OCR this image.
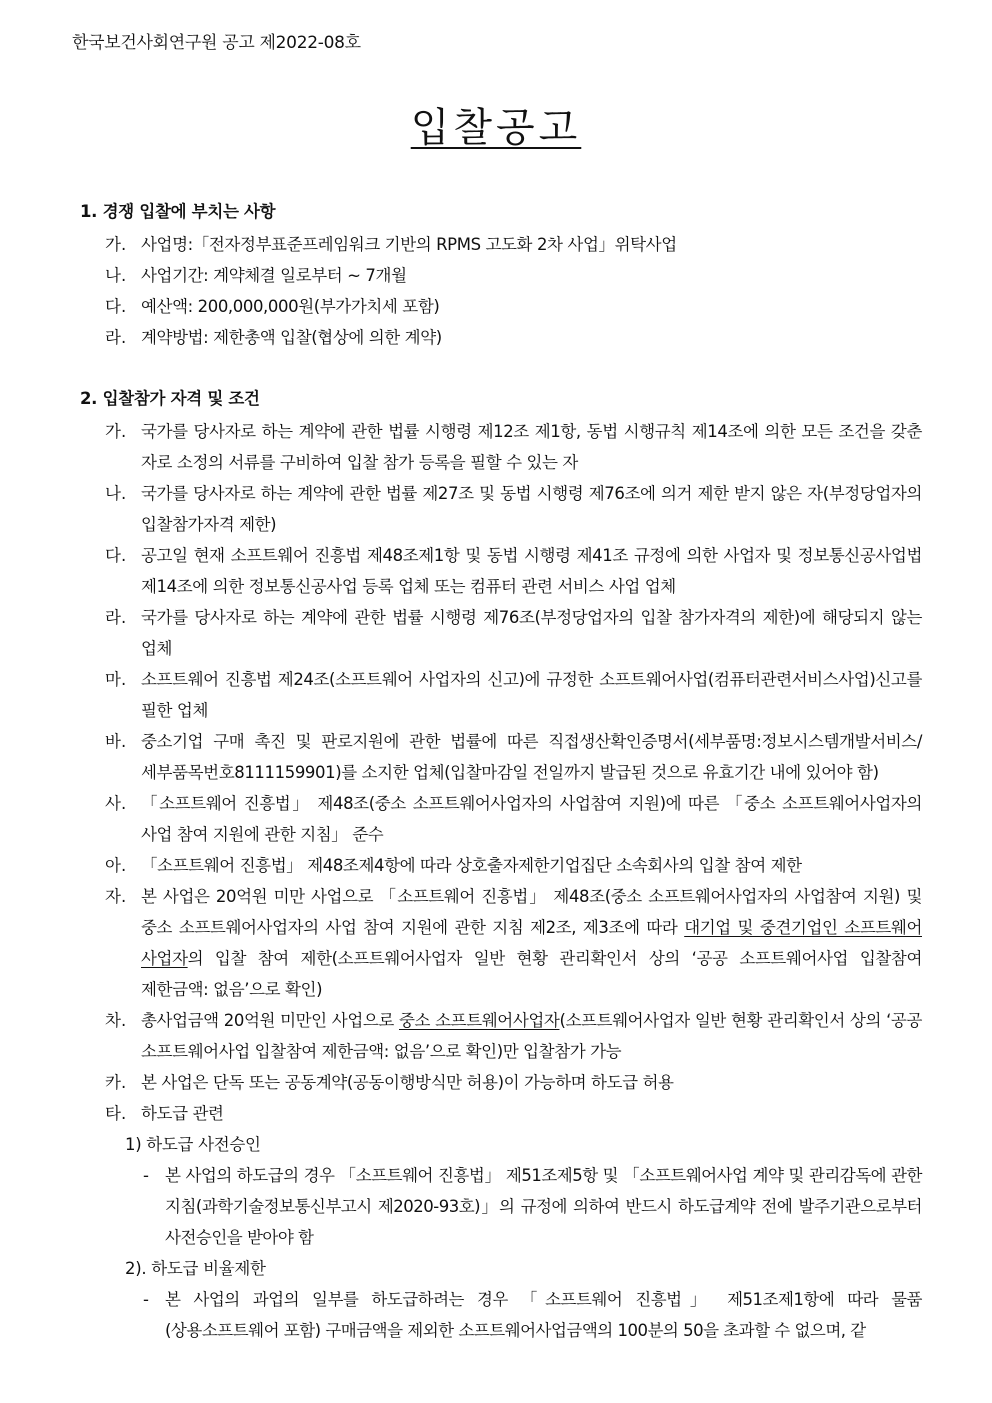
한국보건사회연구원 공고 제2022-08호
입찰공고
1. 경쟁 입찰에 부치는 사항
가. 사업명:「전자정부표준프레임워크 기반의 RPMS 고도화 2차 사업」위탁사업
나. 사업기간: 계약체결 일로부터 ~ 7개월
다. 예산액: 200,000,000원(부가가치세 포함)
라. 계약방법: 제한총액 입찰(협상에 의한 계약)
2. 입찰참가 자격 및 조건
가. 국가를 당사자로 하는 계약에 관한 법률 시행령 제12조 제1항, 동법 시행규칙 제14조에 의한 모든 조건을 갖춘 자로 소정의 서류를 구비하여 입찰 참가 등록을 필할 수 있는 자
나. 국가를 당사자로 하는 계약에 관한 법률 제27조 및 동법 시행령 제76조에 의거 제한 받지 않은 자(부정당업자의 입찰참가자격 제한)
다. 공고일 현재 소프트웨어 진흥법 제48조제1항 및 동법 시행령 제41조 규정에 의한 사업자 및 정보통신공사업법 제14조에 의한 정보통신공사업 등록 업체 또는 컴퓨터 관련 서비스 사업 업체
라. 국가를 당사자로 하는 계약에 관한 법률 시행령 제76조(부정당업자의 입찰 참가자격의 제한)에 해당되지 않는 업체
마. 소프트웨어 진흥법 제24조(소프트웨어 사업자의 신고)에 규정한 소프트웨어사업(컴퓨터관련서비스사업)신고를 필한 업체
바. 중소기업 구매 촉진 및 판로지원에 관한 법률에 따른 직접생산확인증명서(세부품명:정보시스템개발서비스/세부품목번호8111159901)를 소지한 업체(입찰마감일 전일까지 발급된 것으로 유효기간 내에 있어야 함)
사. 「소프트웨어 진흥법」 제48조(중소 소프트웨어사업자의 사업참여 지원)에 따른 「중소 소프트웨어사업자의 사업 참여 지원에 관한 지침」 준수
아. 「소프트웨어 진흥법」 제48조제4항에 따라 상호출자제한기업집단 소속회사의 입찰 참여 제한
자. 본 사업은 20억원 미만 사업으로 「소프트웨어 진흥법」 제48조(중소 소프트웨어사업자의 사업참여 지원) 및 중소 소프트웨어사업자의 사업 참여 지원에 관한 지침 제2조, 제3조에 따라 대기업 및 중견기업인 소프트웨어 사업자의 입찰 참여 제한(소프트웨어사업자 일반 현황 관리확인서 상의 ‘공공 소프트웨어사업 입찰참여 제한금액: 없음’으로 확인)
차. 총사업금액 20억원 미만인 사업으로 중소 소프트웨어사업자(소프트웨어사업자 일반 현황 관리확인서 상의 ‘공공 소프트웨어사업 입찰참여 제한금액: 없음’으로 확인)만 입찰참가 가능
카. 본 사업은 단독 또는 공동계약(공동이행방식만 허용)이 가능하며 하도급 허용
타. 하도급 관련
1) 하도급 사전승인
- 본 사업의 하도급의 경우 「소프트웨어 진흥법」 제51조제5항 및 「소프트웨어사업 계약 및 관리감독에 관한 지침(과학기술정보통신부고시 제2020-93호)」의 규정에 의하여 반드시 하도급계약 전에 발주기관으로부터 사전승인을 받아야 함
2). 하도급 비율제한
- 본 사업의 과업의 일부를 하도급하려는 경우 「소프트웨어 진흥법」 제51조제1항에 따라 물품(상용소프트웨어 포함) 구매금액을 제외한 소프트웨어사업금액의 100분의 50을 초과할 수 없으며, 같
